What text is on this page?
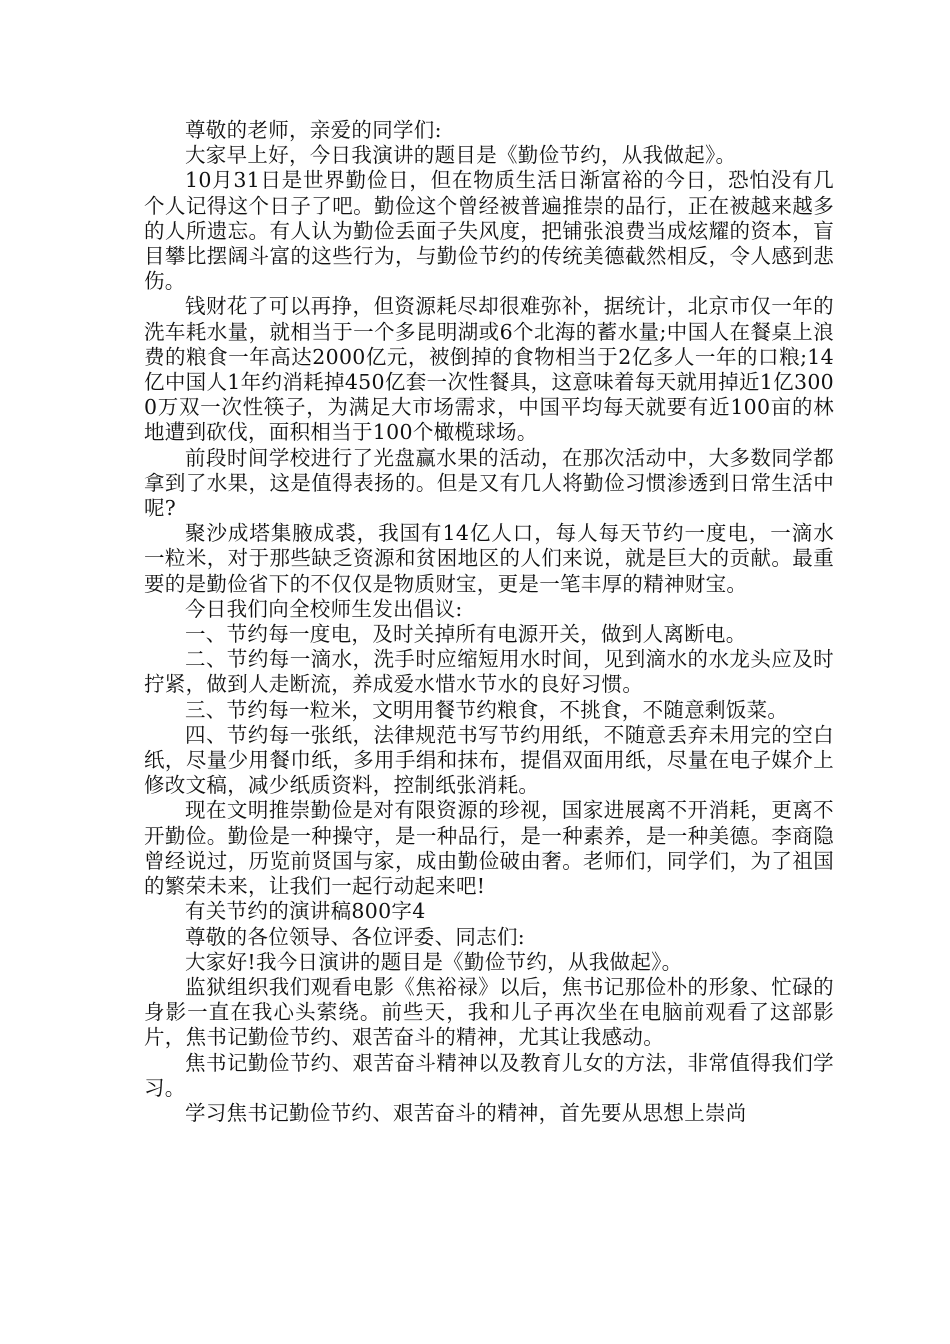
尊敬的老师，亲爱的同学们:

大家早上好，今日我演讲的题目是《勤俭节约，从我做起》。

10月31日是世界勤俭日，但在物质生活日渐富裕的今日，恐怕没有几个人记得这个日子了吧。勤俭这个曾经被普遍推崇的品行，正在被越来越多的人所遗忘。有人认为勤俭丢面子失风度，把铺张浪费当成炫耀的资本，盲目攀比摆阔斗富的这些行为，与勤俭节约的传统美德截然相反，令人感到悲伤。

钱财花了可以再挣，但资源耗尽却很难弥补，据统计，北京市仅一年的洗车耗水量，就相当于一个多昆明湖或6个北海的蓄水量;中国人在餐桌上浪费的粮食一年高达2000亿元，被倒掉的食物相当于2亿多人一年的口粮;14亿中国人1年约消耗掉450亿套一次性餐具，这意味着每天就用掉近1亿3000万双一次性筷子，为满足大市场需求，中国平均每天就要有近100亩的林地遭到砍伐，面积相当于100个橄榄球场。

前段时间学校进行了光盘赢水果的活动，在那次活动中，大多数同学都拿到了水果，这是值得表扬的。但是又有几人将勤俭习惯渗透到日常生活中呢?

聚沙成塔集腋成裘，我国有14亿人口，每人每天节约一度电，一滴水一粒米，对于那些缺乏资源和贫困地区的人们来说，就是巨大的贡献。最重要的是勤俭省下的不仅仅是物质财宝，更是一笔丰厚的精神财宝。

今日我们向全校师生发出倡议:

一、节约每一度电，及时关掉所有电源开关，做到人离断电。

二、节约每一滴水，洗手时应缩短用水时间，见到滴水的水龙头应及时拧紧，做到人走断流，养成爱水惜水节水的良好习惯。

三、节约每一粒米，文明用餐节约粮食，不挑食，不随意剩饭菜。

四、节约每一张纸，法律规范书写节约用纸，不随意丢弃未用完的空白纸，尽量少用餐巾纸，多用手绢和抹布，提倡双面用纸，尽量在电子媒介上修改文稿，减少纸质资料，控制纸张消耗。

现在文明推崇勤俭是对有限资源的珍视，国家进展离不开消耗，更离不开勤俭。勤俭是一种操守，是一种品行，是一种素养，是一种美德。李商隐曾经说过，历览前贤国与家，成由勤俭破由奢。老师们，同学们，为了祖国的繁荣未来，让我们一起行动起来吧!

有关节约的演讲稿800字4

尊敬的各位领导、各位评委、同志们:

大家好!我今日演讲的题目是《勤俭节约，从我做起》。

监狱组织我们观看电影《焦裕禄》以后，焦书记那俭朴的形象、忙碌的身影一直在我心头萦绕。前些天，我和儿子再次坐在电脑前观看了这部影片，焦书记勤俭节约、艰苦奋斗的精神，尤其让我感动。

焦书记勤俭节约、艰苦奋斗精神以及教育儿女的方法，非常值得我们学习。

学习焦书记勤俭节约、艰苦奋斗的精神，首先要从思想上崇尚
